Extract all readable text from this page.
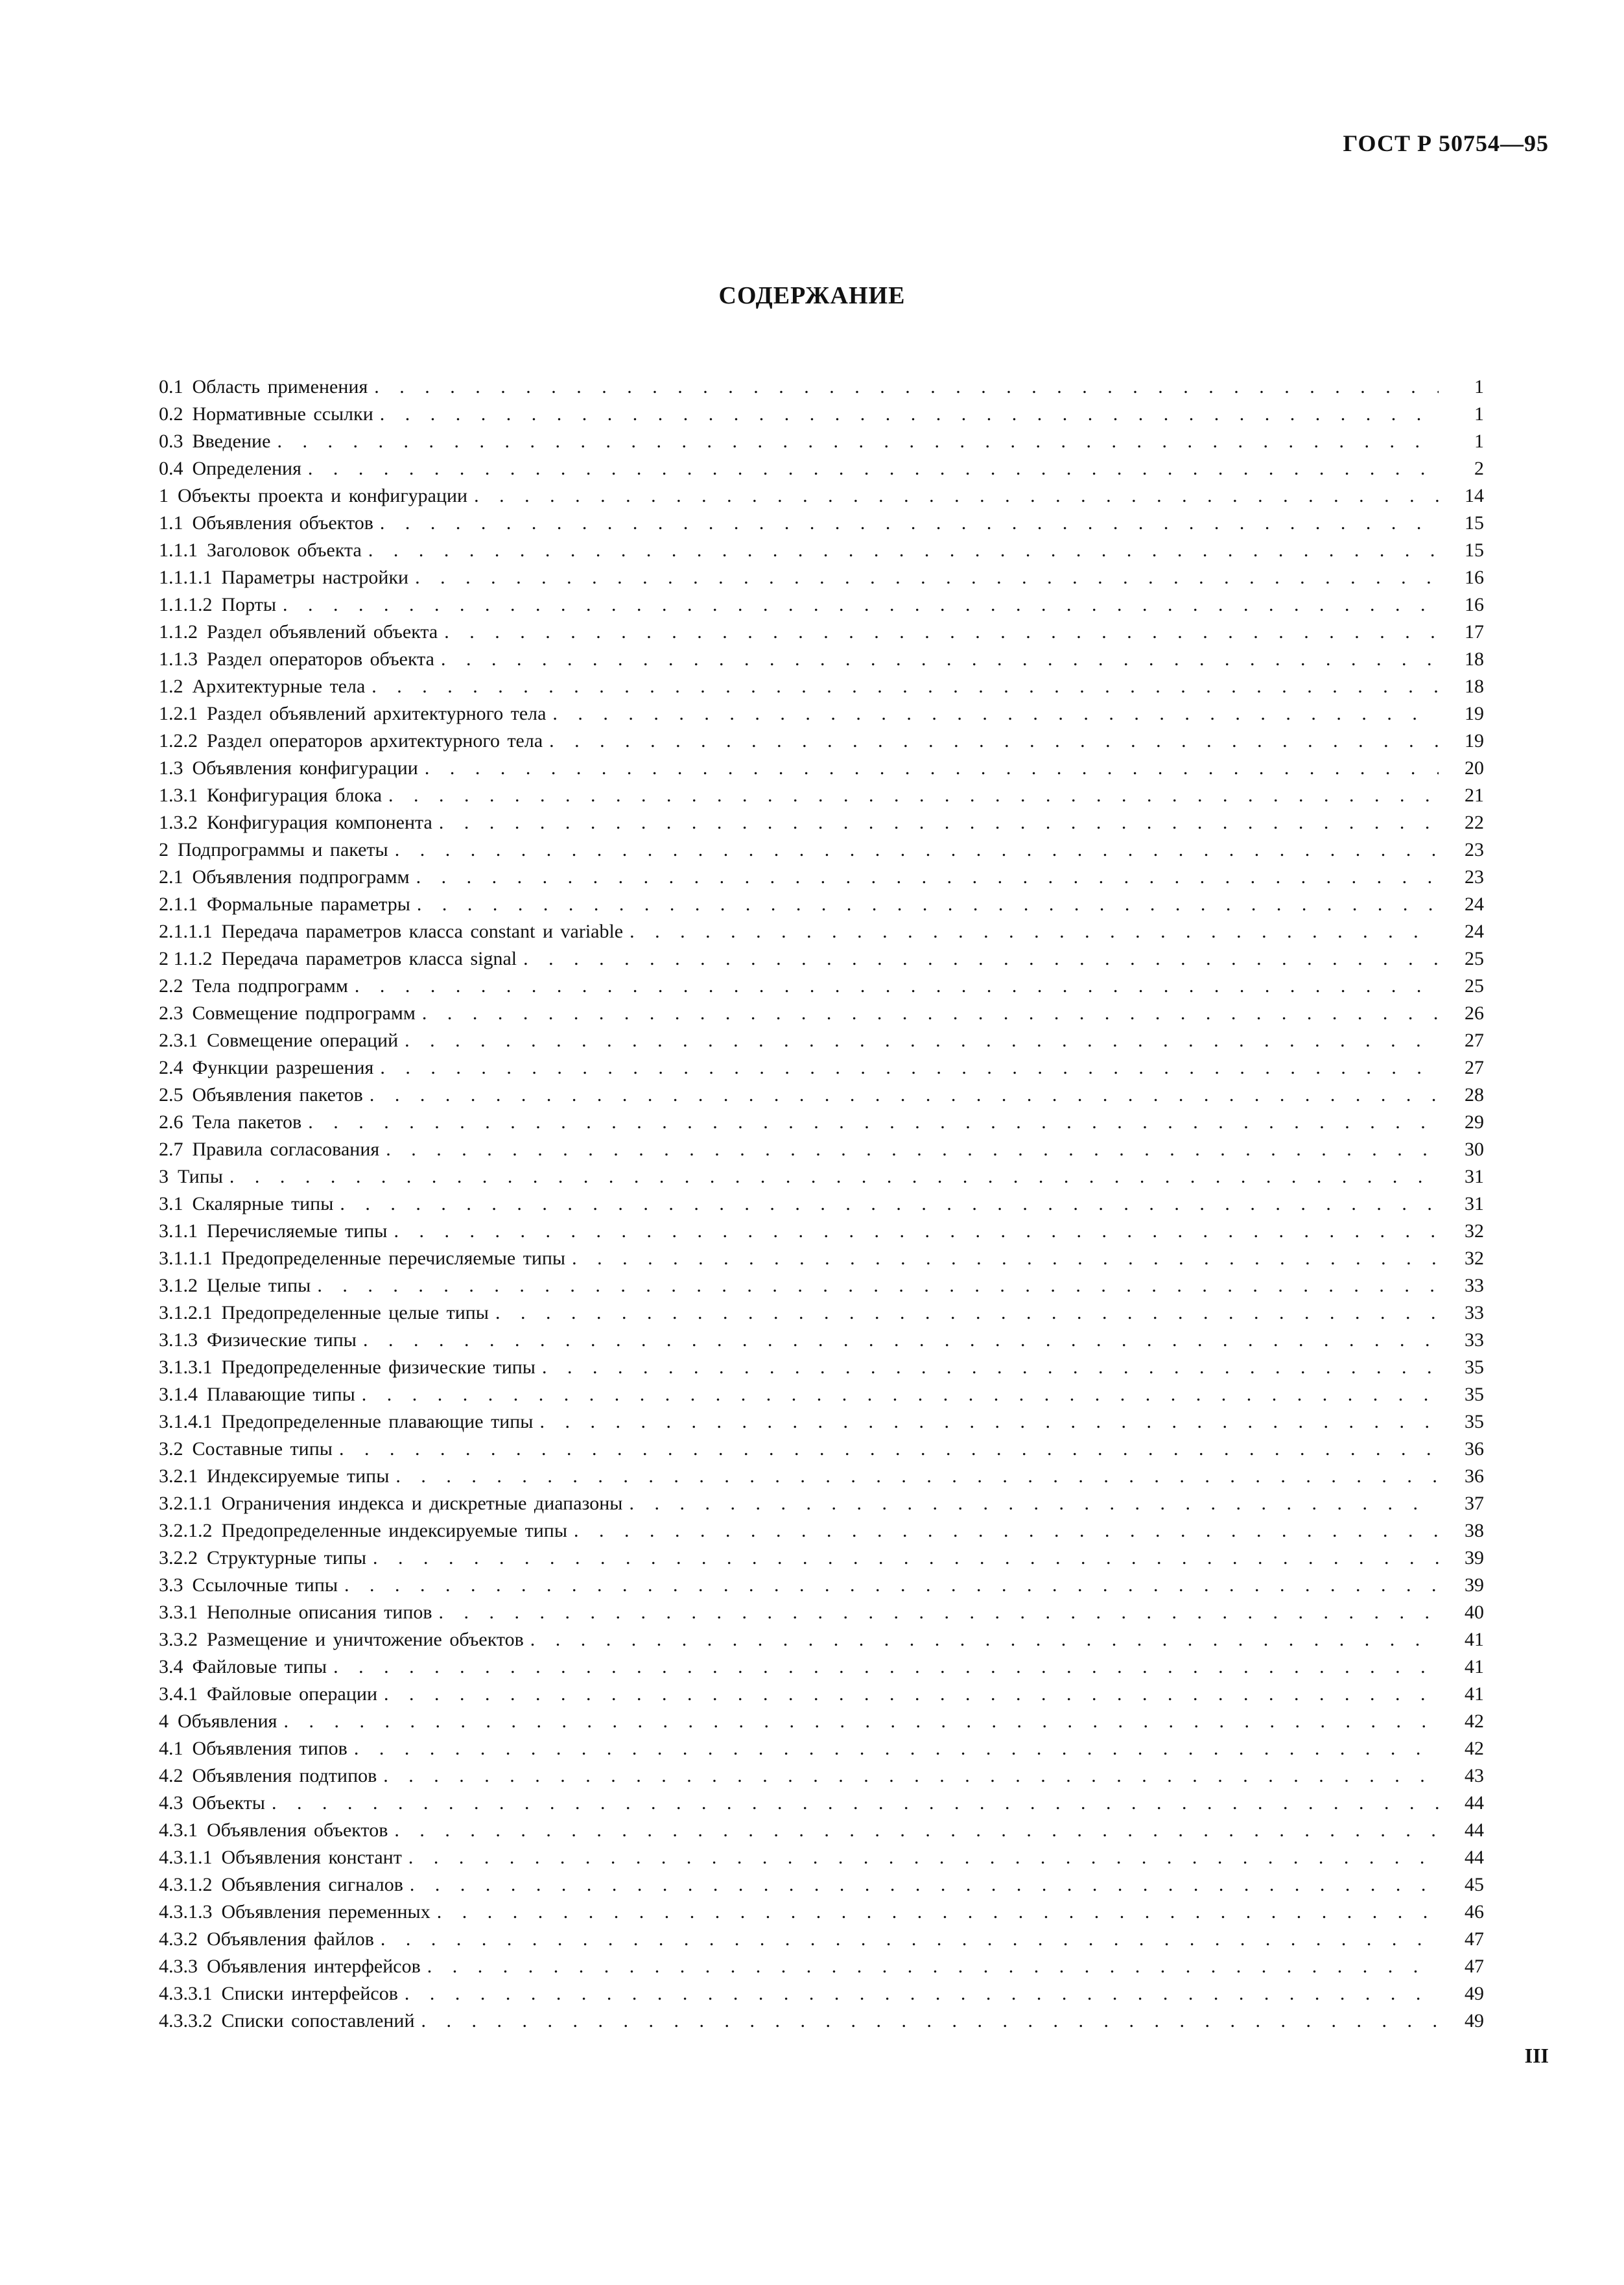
ГОСТ Р 50754—95
СОДЕРЖАНИЕ
0.1 Область применения . . .	1
0.2 Нормативные ссылки . . .	1
0.3 Введение . . .	1
0.4 Определения . . .	2
1 Объекты проекта и конфигурации . . .	14
1.1 Объявления объектов . . .	15
1.1.1 Заголовок объекта . . .	15
1.1.1.1 Параметры настройки . . .	16
1.1.1.2 Порты . . .	16
1.1.2 Раздел объявлений объекта . . .	17
1.1.3 Раздел операторов объекта . . .	18
1.2 Архитектурные тела . . .	18
1.2.1 Раздел объявлений архитектурного тела . . .	19
1.2.2 Раздел операторов архитектурного тела . . .	19
1.3 Объявления конфигурации . . .	20
1.3.1 Конфигурация блока . . .	21
1.3.2 Конфигурация компонента . . .	22
2 Подпрограммы и пакеты . . .	23
2.1 Объявления подпрограмм . . .	23
2.1.1 Формальные параметры . . .	24
2.1.1.1 Передача параметров класса constant и variable . . .	24
2 1.1.2 Передача параметров класса signal . . .	25
2.2 Тела подпрограмм . . .	25
2.3 Совмещение подпрограмм . . .	26
2.3.1 Совмещение операций . . .	27
2.4 Функции разрешения . . .	27
2.5 Объявления пакетов . . .	28
2.6 Тела пакетов . . .	29
2.7 Правила согласования . . .	30
3 Типы . . .	31
3.1 Скалярные типы . . .	31
3.1.1 Перечисляемые типы . . .	32
3.1.1.1 Предопределенные перечисляемые типы . . .	32
3.1.2 Целые типы . . .	33
3.1.2.1 Предопределенные целые типы . . .	33
3.1.3 Физические типы . . .	33
3.1.3.1 Предопределенные физические типы . . .	35
3.1.4 Плавающие типы . . .	35
3.1.4.1 Предопределенные плавающие типы . . .	35
3.2 Составные типы . . .	36
3.2.1 Индексируемые типы . . .	36
3.2.1.1 Ограничения индекса и дискретные диапазоны . . .	37
3.2.1.2 Предопределенные индексируемые типы . . .	38
3.2.2 Структурные типы . . .	39
3.3 Ссылочные типы . . .	39
3.3.1 Неполные описания типов . . .	40
3.3.2 Размещение и уничтожение объектов . . .	41
3.4 Файловые типы . . .	41
3.4.1 Файловые операции . . .	41
4 Объявления . . .	42
4.1 Объявления типов . . .	42
4.2 Объявления подтипов . . .	43
4.3 Объекты . . .	44
4.3.1 Объявления объектов . . .	44
4.3.1.1 Объявления констант . . .	44
4.3.1.2 Объявления сигналов . . .	45
4.3.1.3 Объявления переменных . . .	46
4.3.2 Объявления файлов . . .	47
4.3.3 Объявления интерфейсов . . .	47
4.3.3.1 Списки интерфейсов . . .	49
4.3.3.2 Списки сопоставлений . . .	49
III
